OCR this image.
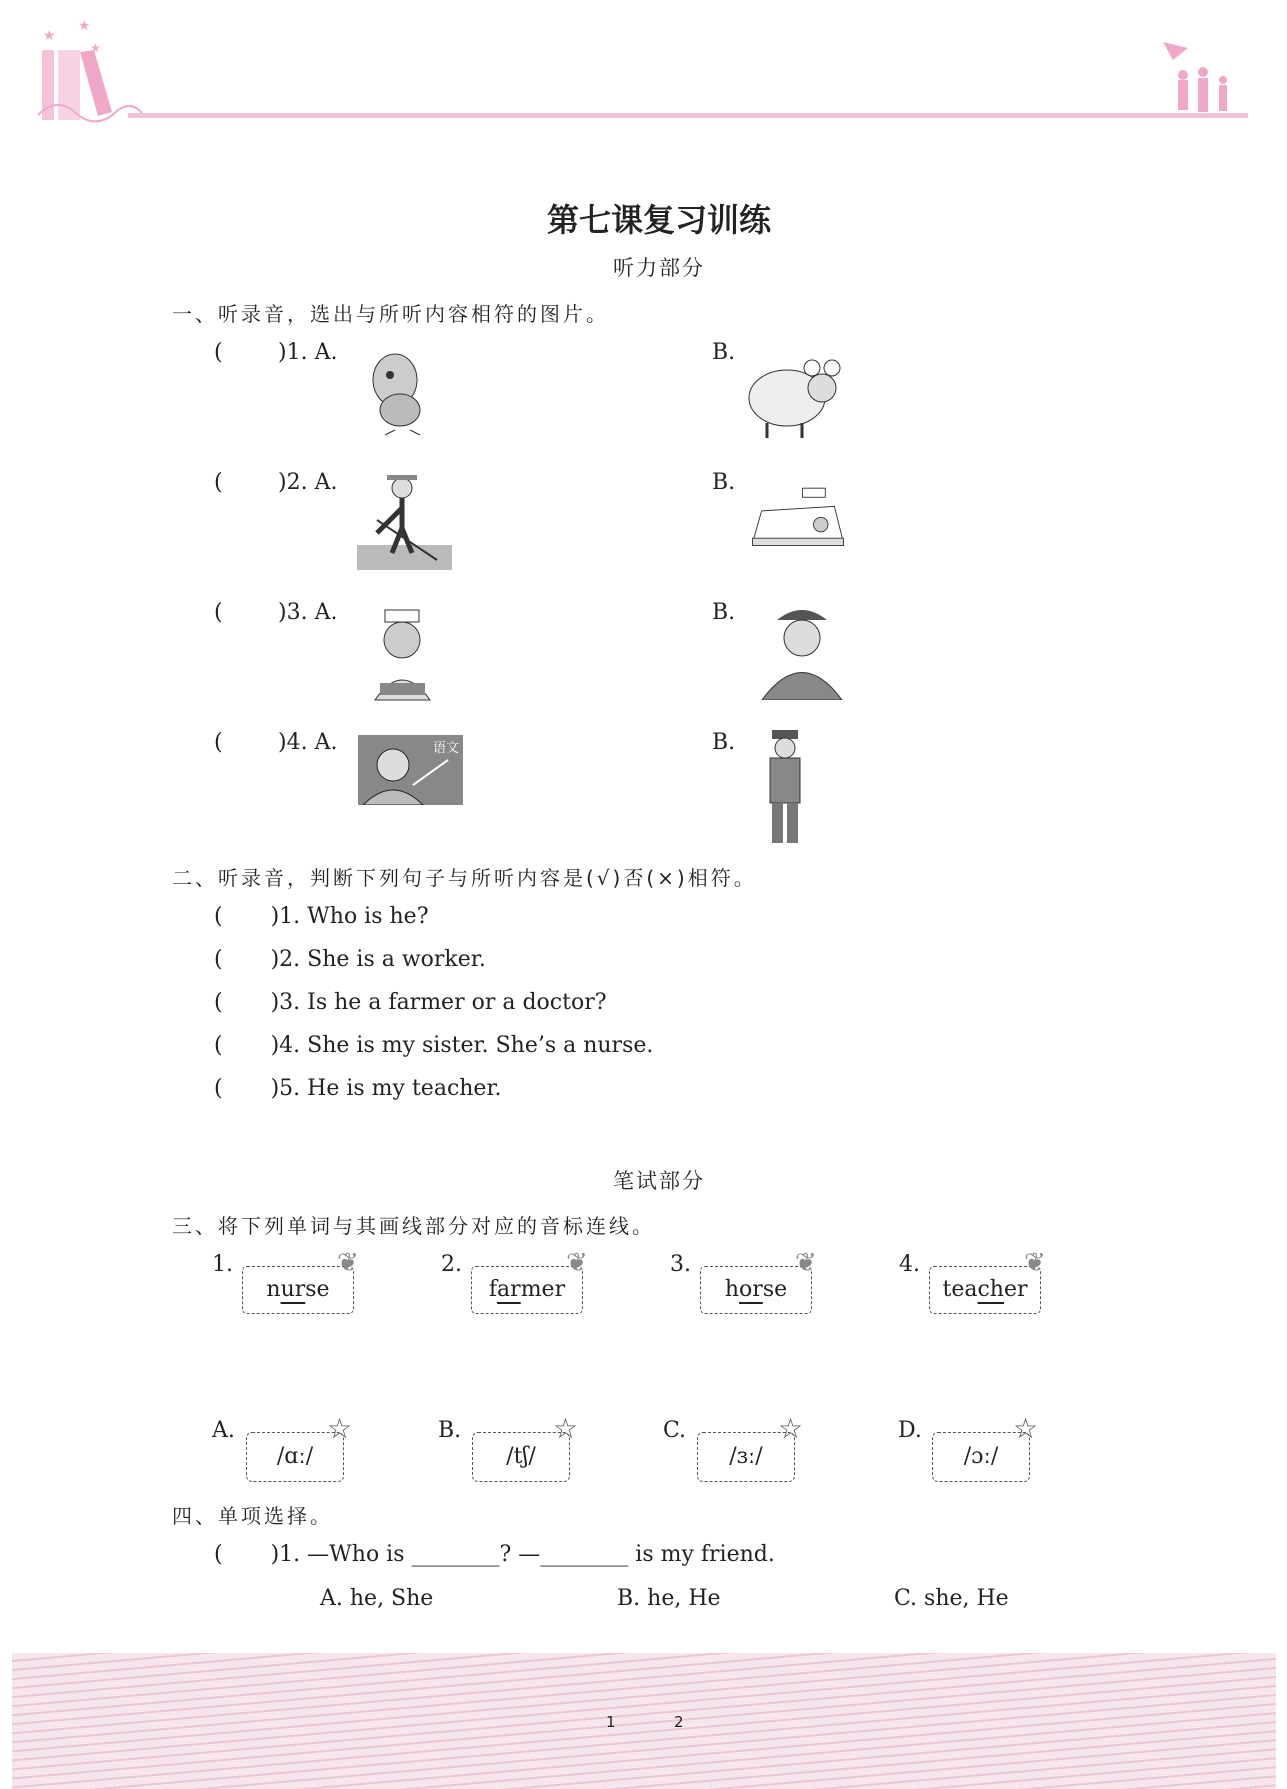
★
★
★
第七课复习训练
听力部分
一、听录音，选出与所听内容相符的图片。
(	)1. A.	B.
(	)2. A.	B.
(	)3. A.	B.
(	)4. A.	语文	B.
二、听录音，判断下列句子与所听内容是(√)否(×)相符。
( )1. Who is he?
( )2. She is a worker.
( )3. Is he a farmer or a doctor?
( )4. She is my sister. She’s a nurse.
( )5. He is my teacher.
笔试部分
三、将下列单词与其画线部分对应的音标连线。
1.
nurse
❦	2.
farmer
❦	3.
horse
❦	4.
teacher
❦
A.
/ɑː/
☆	B.
/tʃ/
☆	C.
/ɜː/
☆	D.
/ɔː/
☆
四、单项选择。
( )1. —Who is ________? —________ is my friend.
A. he, She	B. he, He	C. she, He
1	2
